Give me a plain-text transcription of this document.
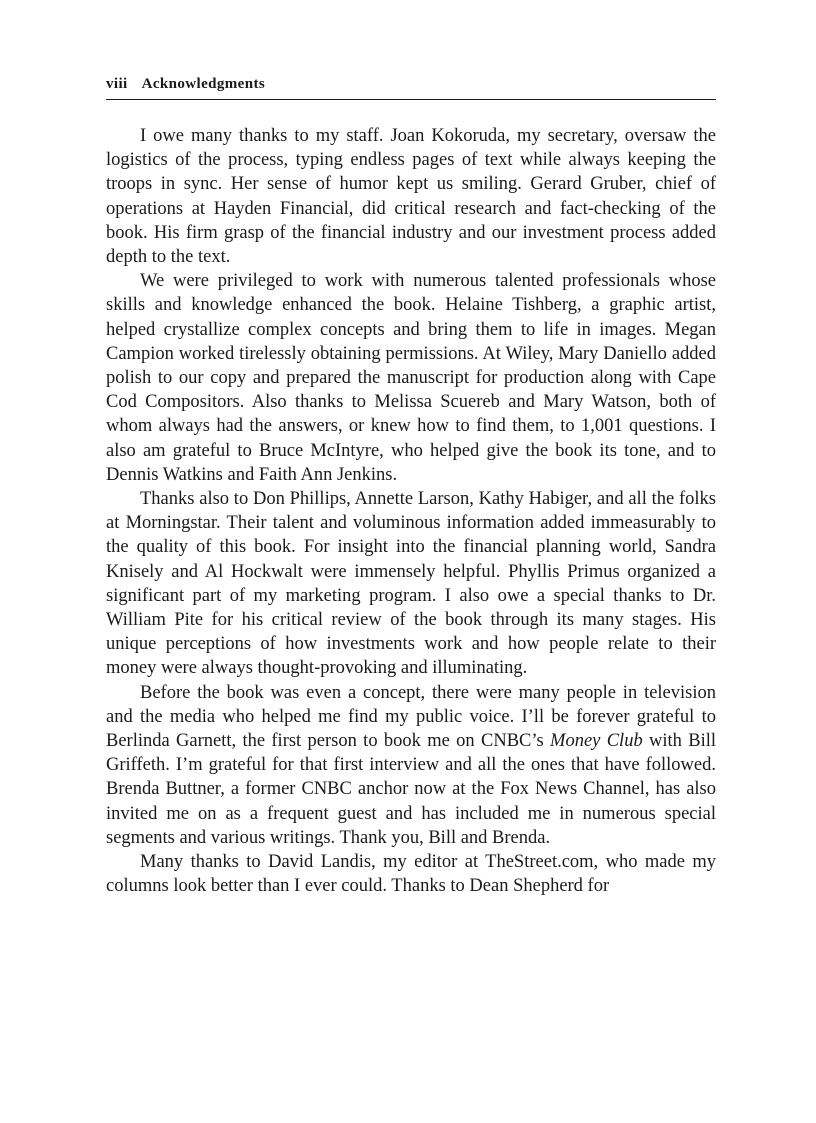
viii Acknowledgments

I owe many thanks to my staff. Joan Kokoruda, my secretary, oversaw the logistics of the process, typing endless pages of text while always keeping the troops in sync. Her sense of humor kept us smiling. Gerard Gruber, chief of operations at Hayden Financial, did critical research and fact-checking of the book. His firm grasp of the financial industry and our investment process added depth to the text.

We were privileged to work with numerous talented professionals whose skills and knowledge enhanced the book. Helaine Tishberg, a graphic artist, helped crystallize complex concepts and bring them to life in images. Megan Campion worked tirelessly obtaining permissions. At Wiley, Mary Daniello added polish to our copy and prepared the manuscript for production along with Cape Cod Compositors. Also thanks to Melissa Scuereb and Mary Watson, both of whom always had the answers, or knew how to find them, to 1,001 questions. I also am grateful to Bruce McIntyre, who helped give the book its tone, and to Dennis Watkins and Faith Ann Jenkins.

Thanks also to Don Phillips, Annette Larson, Kathy Habiger, and all the folks at Morningstar. Their talent and voluminous information added immeasurably to the quality of this book. For insight into the financial planning world, Sandra Knisely and Al Hockwalt were immensely helpful. Phyllis Primus organized a significant part of my marketing program. I also owe a special thanks to Dr. William Pite for his critical review of the book through its many stages. His unique perceptions of how investments work and how people relate to their money were always thought-provoking and illuminating.

Before the book was even a concept, there were many people in television and the media who helped me find my public voice. I’ll be forever grateful to Berlinda Garnett, the first person to book me on CNBC’s Money Club with Bill Griffeth. I’m grateful for that first interview and all the ones that have followed. Brenda Buttner, a former CNBC anchor now at the Fox News Channel, has also invited me on as a frequent guest and has included me in numerous special segments and various writings. Thank you, Bill and Brenda.

Many thanks to David Landis, my editor at TheStreet.com, who made my columns look better than I ever could. Thanks to Dean Shepherd for
